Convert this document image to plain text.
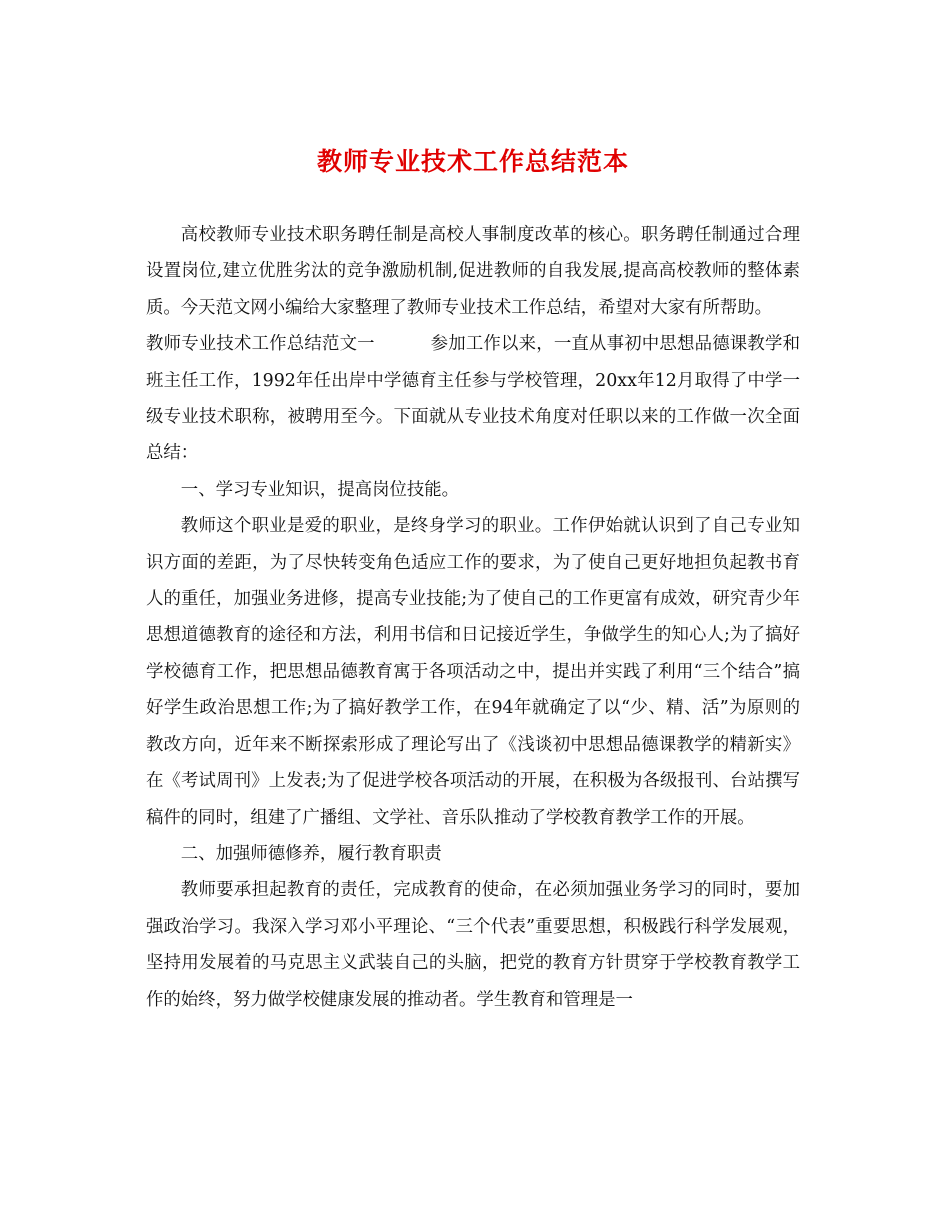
教师专业技术工作总结范本

高校教师专业技术职务聘任制是高校人事制度改革的核心。职务聘任制通过合理设置岗位,建立优胜劣汰的竞争激励机制,促进教师的自我发展,提高高校教师的整体素质。今天范文网小编给大家整理了教师专业技术工作总结，希望对大家有所帮助。

教师专业技术工作总结范文一	参加工作以来，一直从事初中思想品德课教学和班主任工作，1992年任出岸中学德育主任参与学校管理，20xx年12月取得了中学一级专业技术职称，被聘用至今。下面就从专业技术角度对任职以来的工作做一次全面总结：

一、学习专业知识，提高岗位技能。

教师这个职业是爱的职业，是终身学习的职业。工作伊始就认识到了自己专业知识方面的差距，为了尽快转变角色适应工作的要求，为了使自己更好地担负起教书育人的重任，加强业务进修，提高专业技能;为了使自己的工作更富有成效，研究青少年思想道德教育的途径和方法，利用书信和日记接近学生，争做学生的知心人;为了搞好学校德育工作，把思想品德教育寓于各项活动之中，提出并实践了利用“三个结合”搞好学生政治思想工作;为了搞好教学工作，在94年就确定了以“少、精、活”为原则的教改方向，近年来不断探索形成了理论写出了《浅谈初中思想品德课教学的精新实》在《考试周刊》上发表;为了促进学校各项活动的开展，在积极为各级报刊、台站撰写稿件的同时，组建了广播组、文学社、音乐队推动了学校教育教学工作的开展。

二、加强师德修养，履行教育职责

教师要承担起教育的责任，完成教育的使命，在必须加强业务学习的同时，要加强政治学习。我深入学习邓小平理论、“三个代表”重要思想，积极践行科学发展观，坚持用发展着的马克思主义武装自己的头脑，把党的教育方针贯穿于学校教育教学工作的始终，努力做学校健康发展的推动者。学生教育和管理是一
